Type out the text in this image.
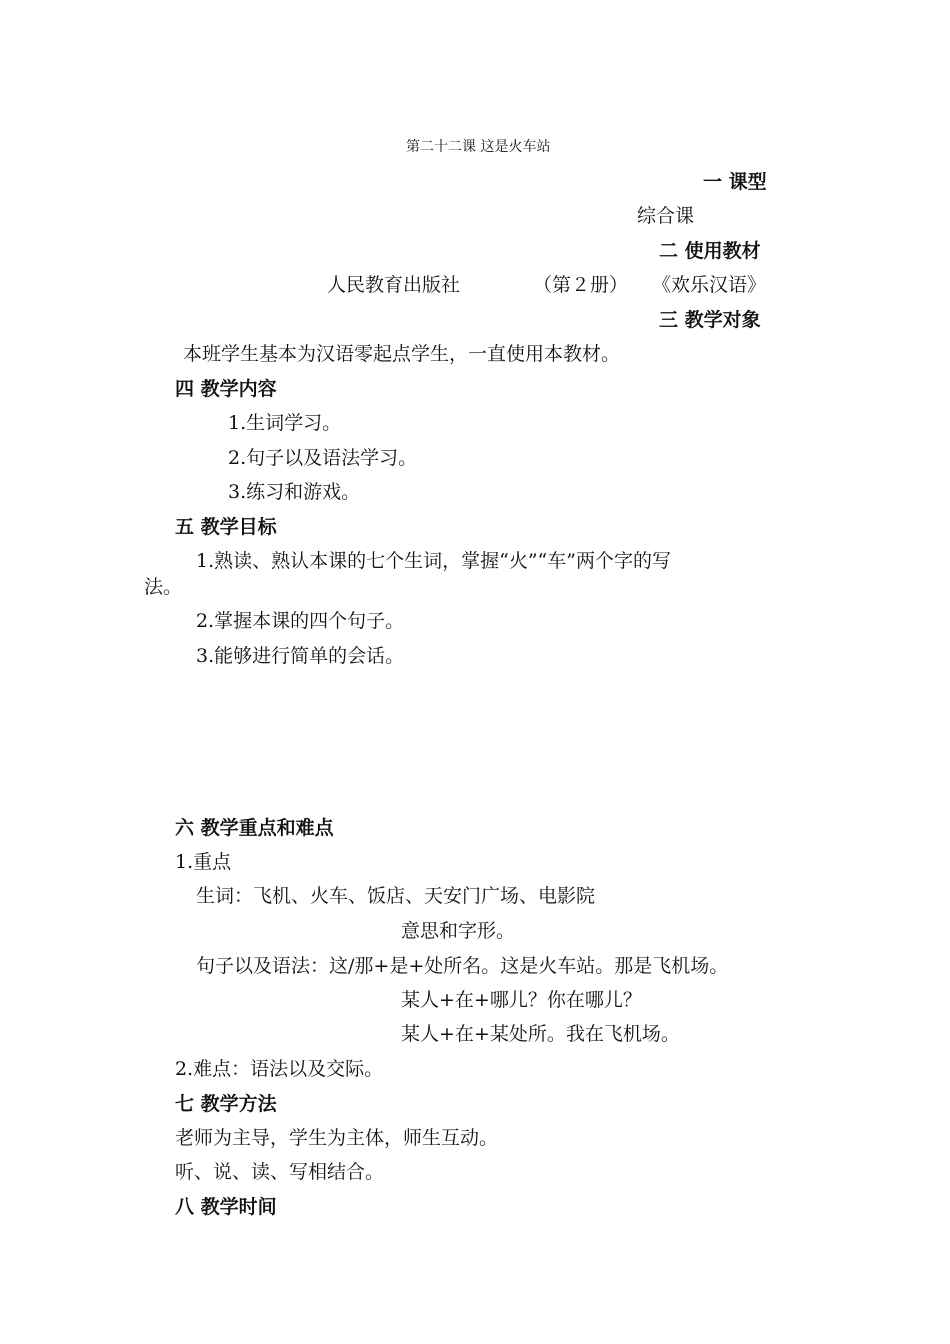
第二十二课 这是火车站
一 课型
综合课
二 使用教材
人民教育出版社	（第２册） 《欢乐汉语》
三 教学对象
本班学生基本为汉语零起点学生，一直使用本教材。
四 教学内容
1.生词学习。
2.句子以及语法学习。
3.练习和游戏。
五 教学目标
1.熟读、熟认本课的七个生词，掌握“火”“车”两个字的写
法。
2.掌握本课的四个句子。
3.能够进行简单的会话。
六 教学重点和难点
1.重点
生词：飞机、火车、饭店、天安门广场、电影院
意思和字形。
句子以及语法：这/那+是+处所名。这是火车站。那是飞机场。
某人+在+哪儿？你在哪儿？
某人+在+某处所。我在飞机场。
2.难点：语法以及交际。
七 教学方法
老师为主导，学生为主体，师生互动。
听、说、读、写相结合。
八 教学时间
